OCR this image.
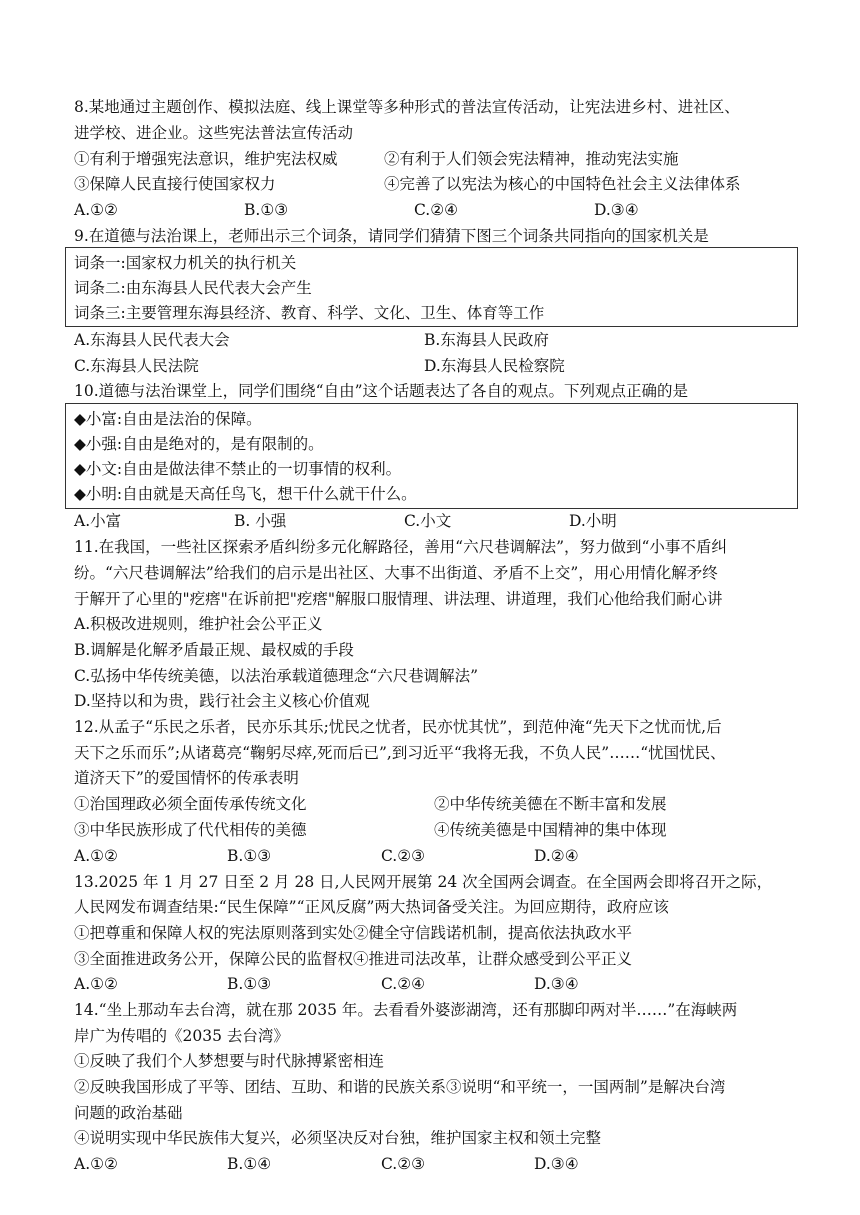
8.某地通过主题创作、模拟法庭、线上课堂等多种形式的普法宣传活动，让宪法进乡村、进社区、
进学校、进企业。这些宪法普法宣传活动
①有利于增强宪法意识，维护宪法权威	②有利于人们领会宪法精神，推动宪法实施
③保障人民直接行使国家权力	④完善了以宪法为核心的中国特色社会主义法律体系
A.①②	B.①③	C.②④	D.③④
9.在道德与法治课上，老师出示三个词条，请同学们猜猜下图三个词条共同指向的国家机关是
词条一:国家权力机关的执行机关
词条二:由东海县人民代表大会产生
词条三:主要管理东海县经济、教育、科学、文化、卫生、体育等工作
A.东海县人民代表大会	B.东海县人民政府
C.东海县人民法院	D.东海县人民检察院
10.道德与法治课堂上，同学们围绕“自由”这个话题表达了各自的观点。下列观点正确的是
◆小富:自由是法治的保障。
◆小强:自由是绝对的，是有限制的。
◆小文:自由是做法律不禁止的一切事情的权利。
◆小明:自由就是天高任鸟飞，想干什么就干什么。
A.小富	B. 小强	C.小文	D.小明
11.在我国，一些社区探索矛盾纠纷多元化解路径，善用“六尺巷调解法”，努力做到“小事不盾纠
纷。“六尺巷调解法”给我们的启示是出社区、大事不出街道、矛盾不上交”，用心用情化解矛终
于解开了心里的"疙瘩"在诉前把"疙瘩"解服口服情理、讲法理、讲道理，我们心他给我们耐心讲
A.积极改进规则，维护社会公平正义
B.调解是化解矛盾最正规、最权威的手段
C.弘扬中华传统美德，以法治承载道德理念“六尺巷调解法”
D.坚持以和为贵，践行社会主义核心价值观
12.从孟子“乐民之乐者，民亦乐其乐;忧民之忧者，民亦忧其忧”，到范仲淹“先天下之忧而忧,后
天下之乐而乐”;从诸葛亮“鞠躬尽瘁,死而后已”,到习近平“我将无我，不负人民”……“忧国忧民、
道济天下”的爱国情怀的传承表明
①治国理政必须全面传承传统文化	②中华传统美德在不断丰富和发展
③中华民族形成了代代相传的美德	④传统美德是中国精神的集中体现
A.①②	B.①③	C.②③	D.②④
13.2025 年 1 月 27 日至 2 月 28 日,人民网开展第 24 次全国两会调查。在全国两会即将召开之际，
人民网发布调查结果:“民生保障”“正风反腐”两大热词备受关注。为回应期待，政府应该
①把尊重和保障人权的宪法原则落到实处②健全守信践诺机制，提高依法执政水平
③全面推进政务公开，保障公民的监督权④推进司法改革，让群众感受到公平正义
A.①②	B.①③	C.②④	D.③④
14.“坐上那动车去台湾，就在那 2035 年。去看看外婆澎湖湾，还有那脚印两对半……”在海峡两
岸广为传唱的《2035 去台湾》
①反映了我们个人梦想要与时代脉搏紧密相连
②反映我国形成了平等、团结、互助、和谐的民族关系③说明“和平统一，一国两制”是解决台湾
问题的政治基础
④说明实现中华民族伟大复兴，必须坚决反对台独，维护国家主权和领土完整
A.①②	B.①④	C.②③	D.③④
